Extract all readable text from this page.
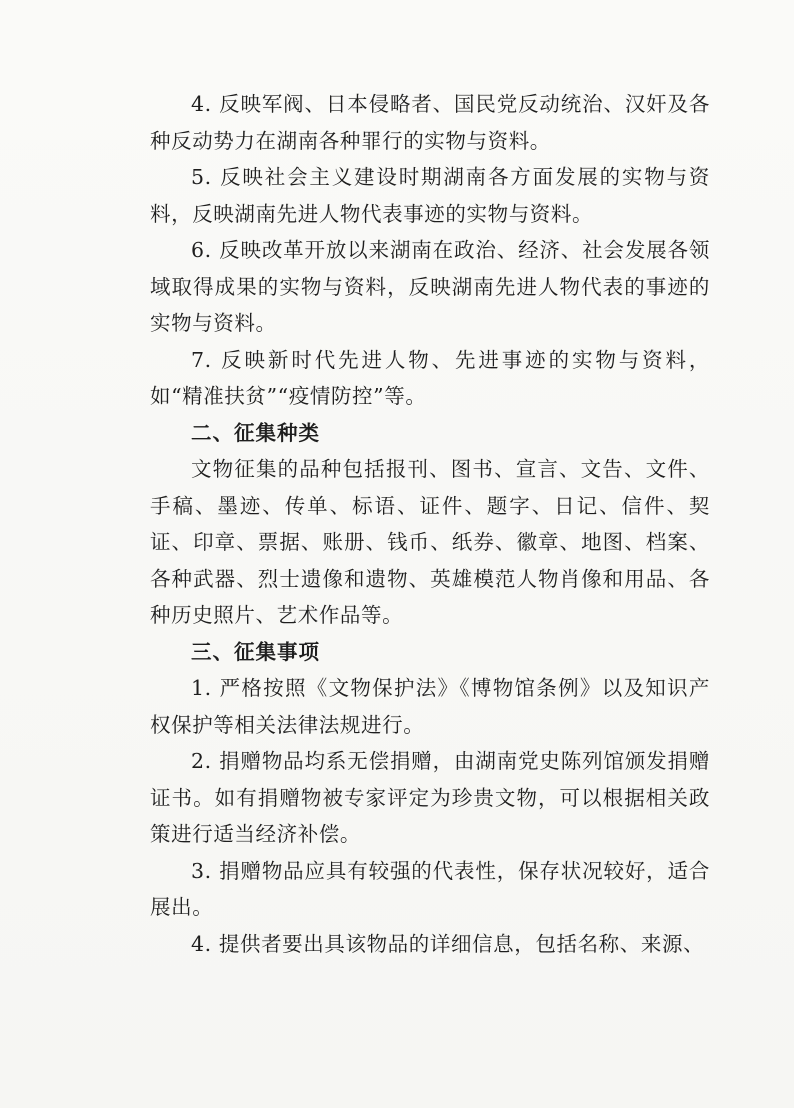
4. 反映军阀、日本侵略者、国民党反动统治、汉奸及各种反动势力在湖南各种罪行的实物与资料。

5. 反映社会主义建设时期湖南各方面发展的实物与资料，反映湖南先进人物代表事迹的实物与资料。

6. 反映改革开放以来湖南在政治、经济、社会发展各领域取得成果的实物与资料，反映湖南先进人物代表的事迹的实物与资料。

7. 反映新时代先进人物、先进事迹的实物与资料，如“精准扶贫”“疫情防控”等。

二、征集种类

文物征集的品种包括报刊、图书、宣言、文告、文件、手稿、墨迹、传单、标语、证件、题字、日记、信件、契证、印章、票据、账册、钱币、纸券、徽章、地图、档案、各种武器、烈士遗像和遗物、英雄模范人物肖像和用品、各种历史照片、艺术作品等。

三、征集事项

1. 严格按照《文物保护法》《博物馆条例》以及知识产权保护等相关法律法规进行。

2. 捐赠物品均系无偿捐赠，由湖南党史陈列馆颁发捐赠证书。如有捐赠物被专家评定为珍贵文物，可以根据相关政策进行适当经济补偿。

3. 捐赠物品应具有较强的代表性，保存状况较好，适合展出。

4. 提供者要出具该物品的详细信息，包括名称、来源、
